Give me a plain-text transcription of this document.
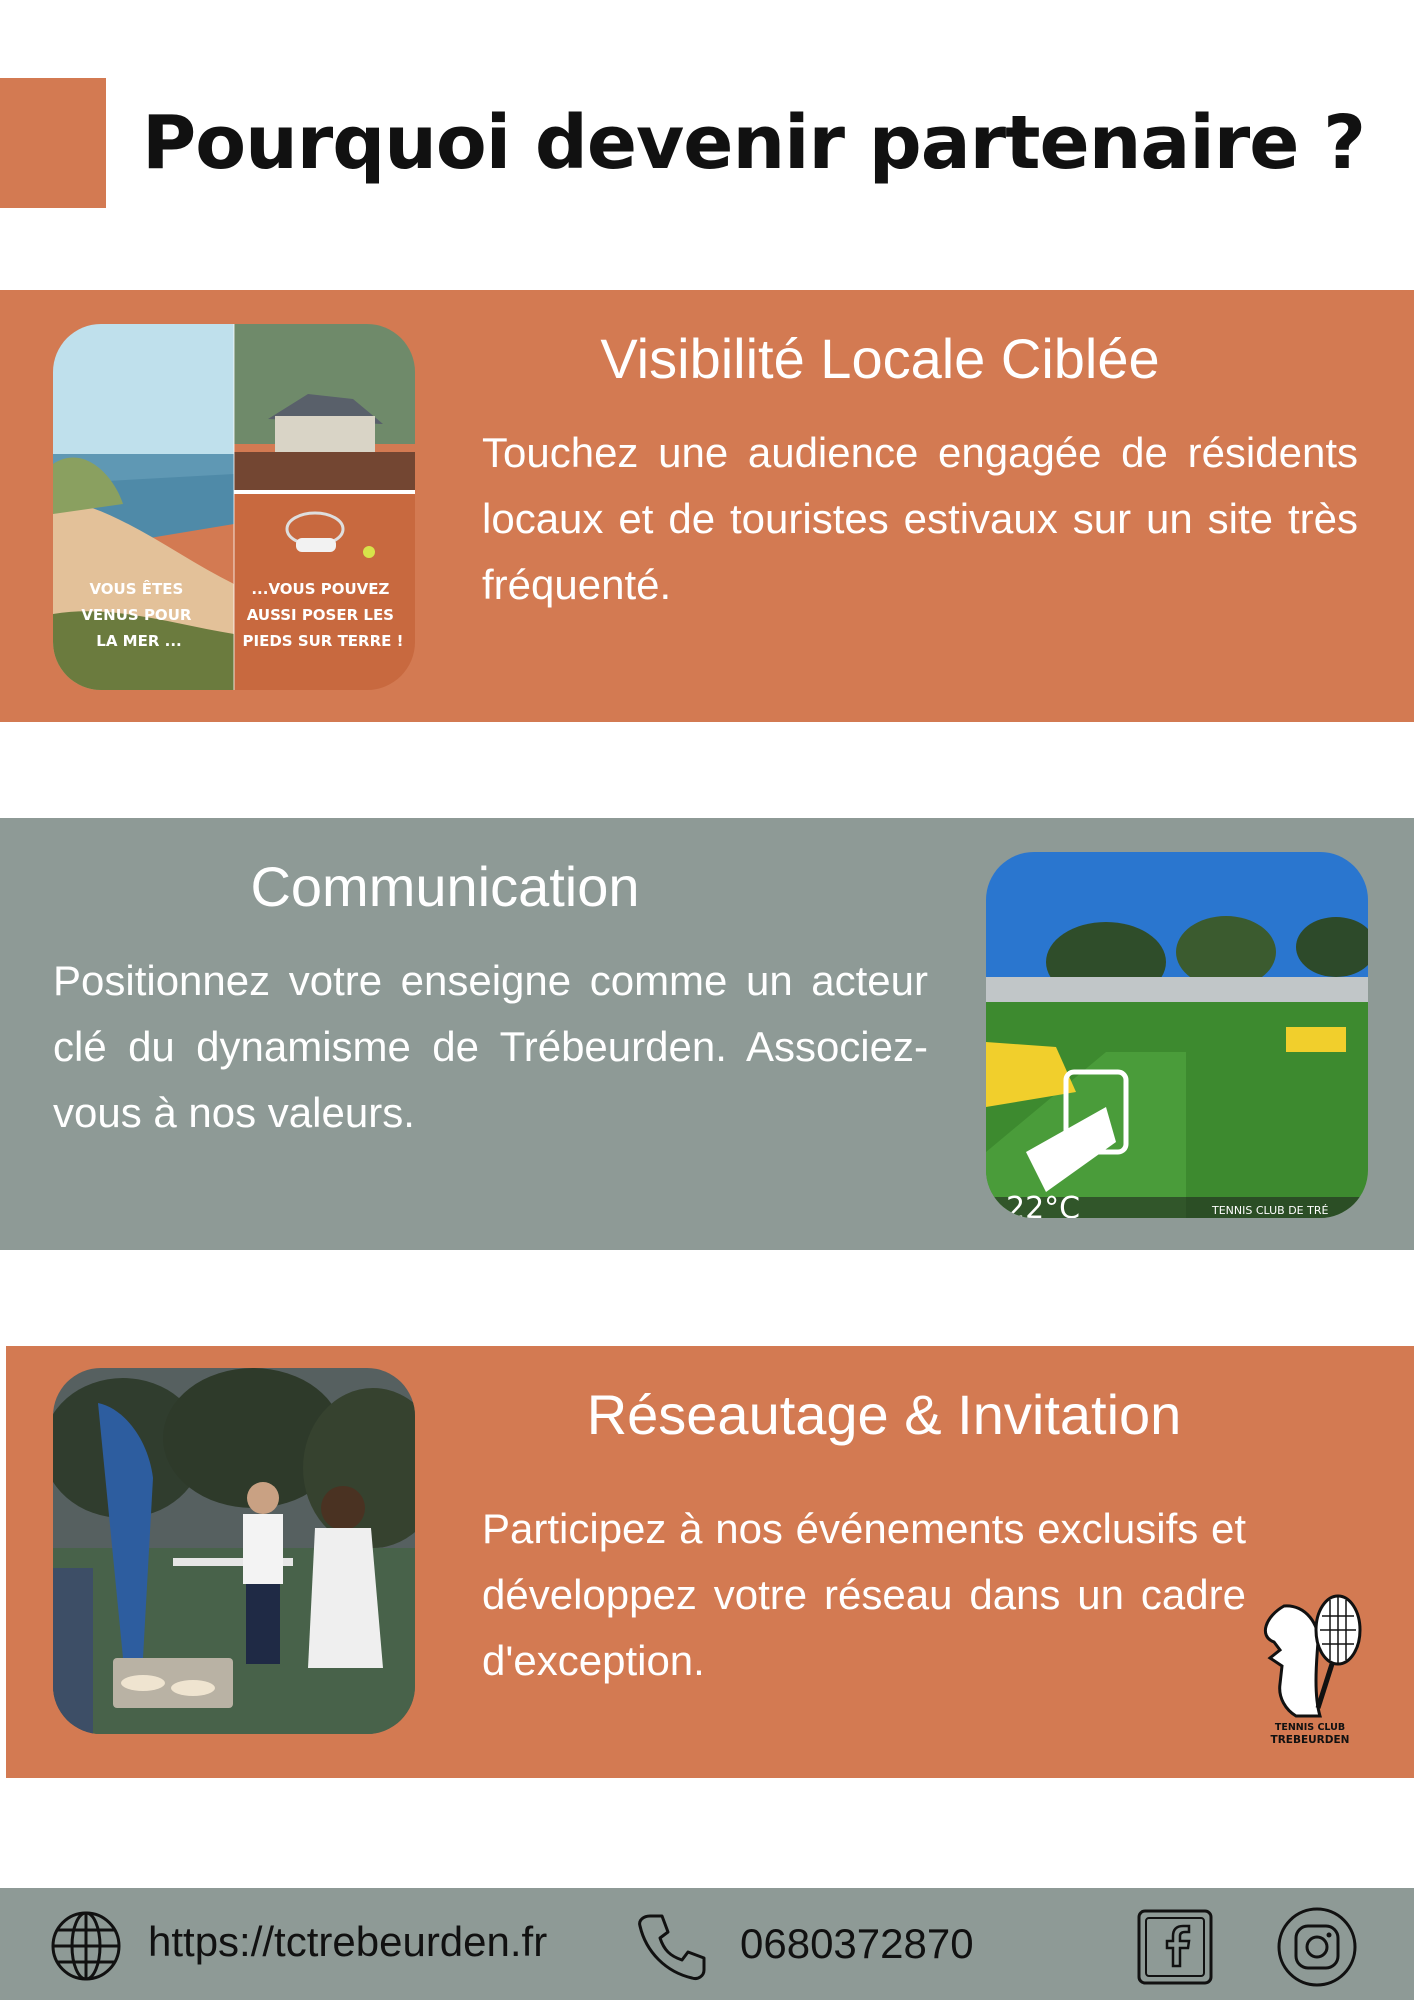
Pourquoi devenir partenaire ?
VOUS ÊTES VENUS POUR LA MER ...
...VOUS POUVEZ AUSSI POSER LES PIEDS SUR TERRE !
Visibilité Locale Ciblée

Touchez une audience engagée de résidents locaux et de touristes estivaux sur un site très fréquenté.

Communication

Positionnez votre enseigne comme un acteur clé du dynamisme de Trébeurden. Associez-vous à nos valeurs.

22°C	TENNIS CLUB DE TRÉ
Réseautage & Invitation

Participez à nos événements exclusifs et développez votre réseau dans un cadre d'exception.

TENNIS CLUB
TREBEURDEN
https://tctrebeurden.fr	0680372870
